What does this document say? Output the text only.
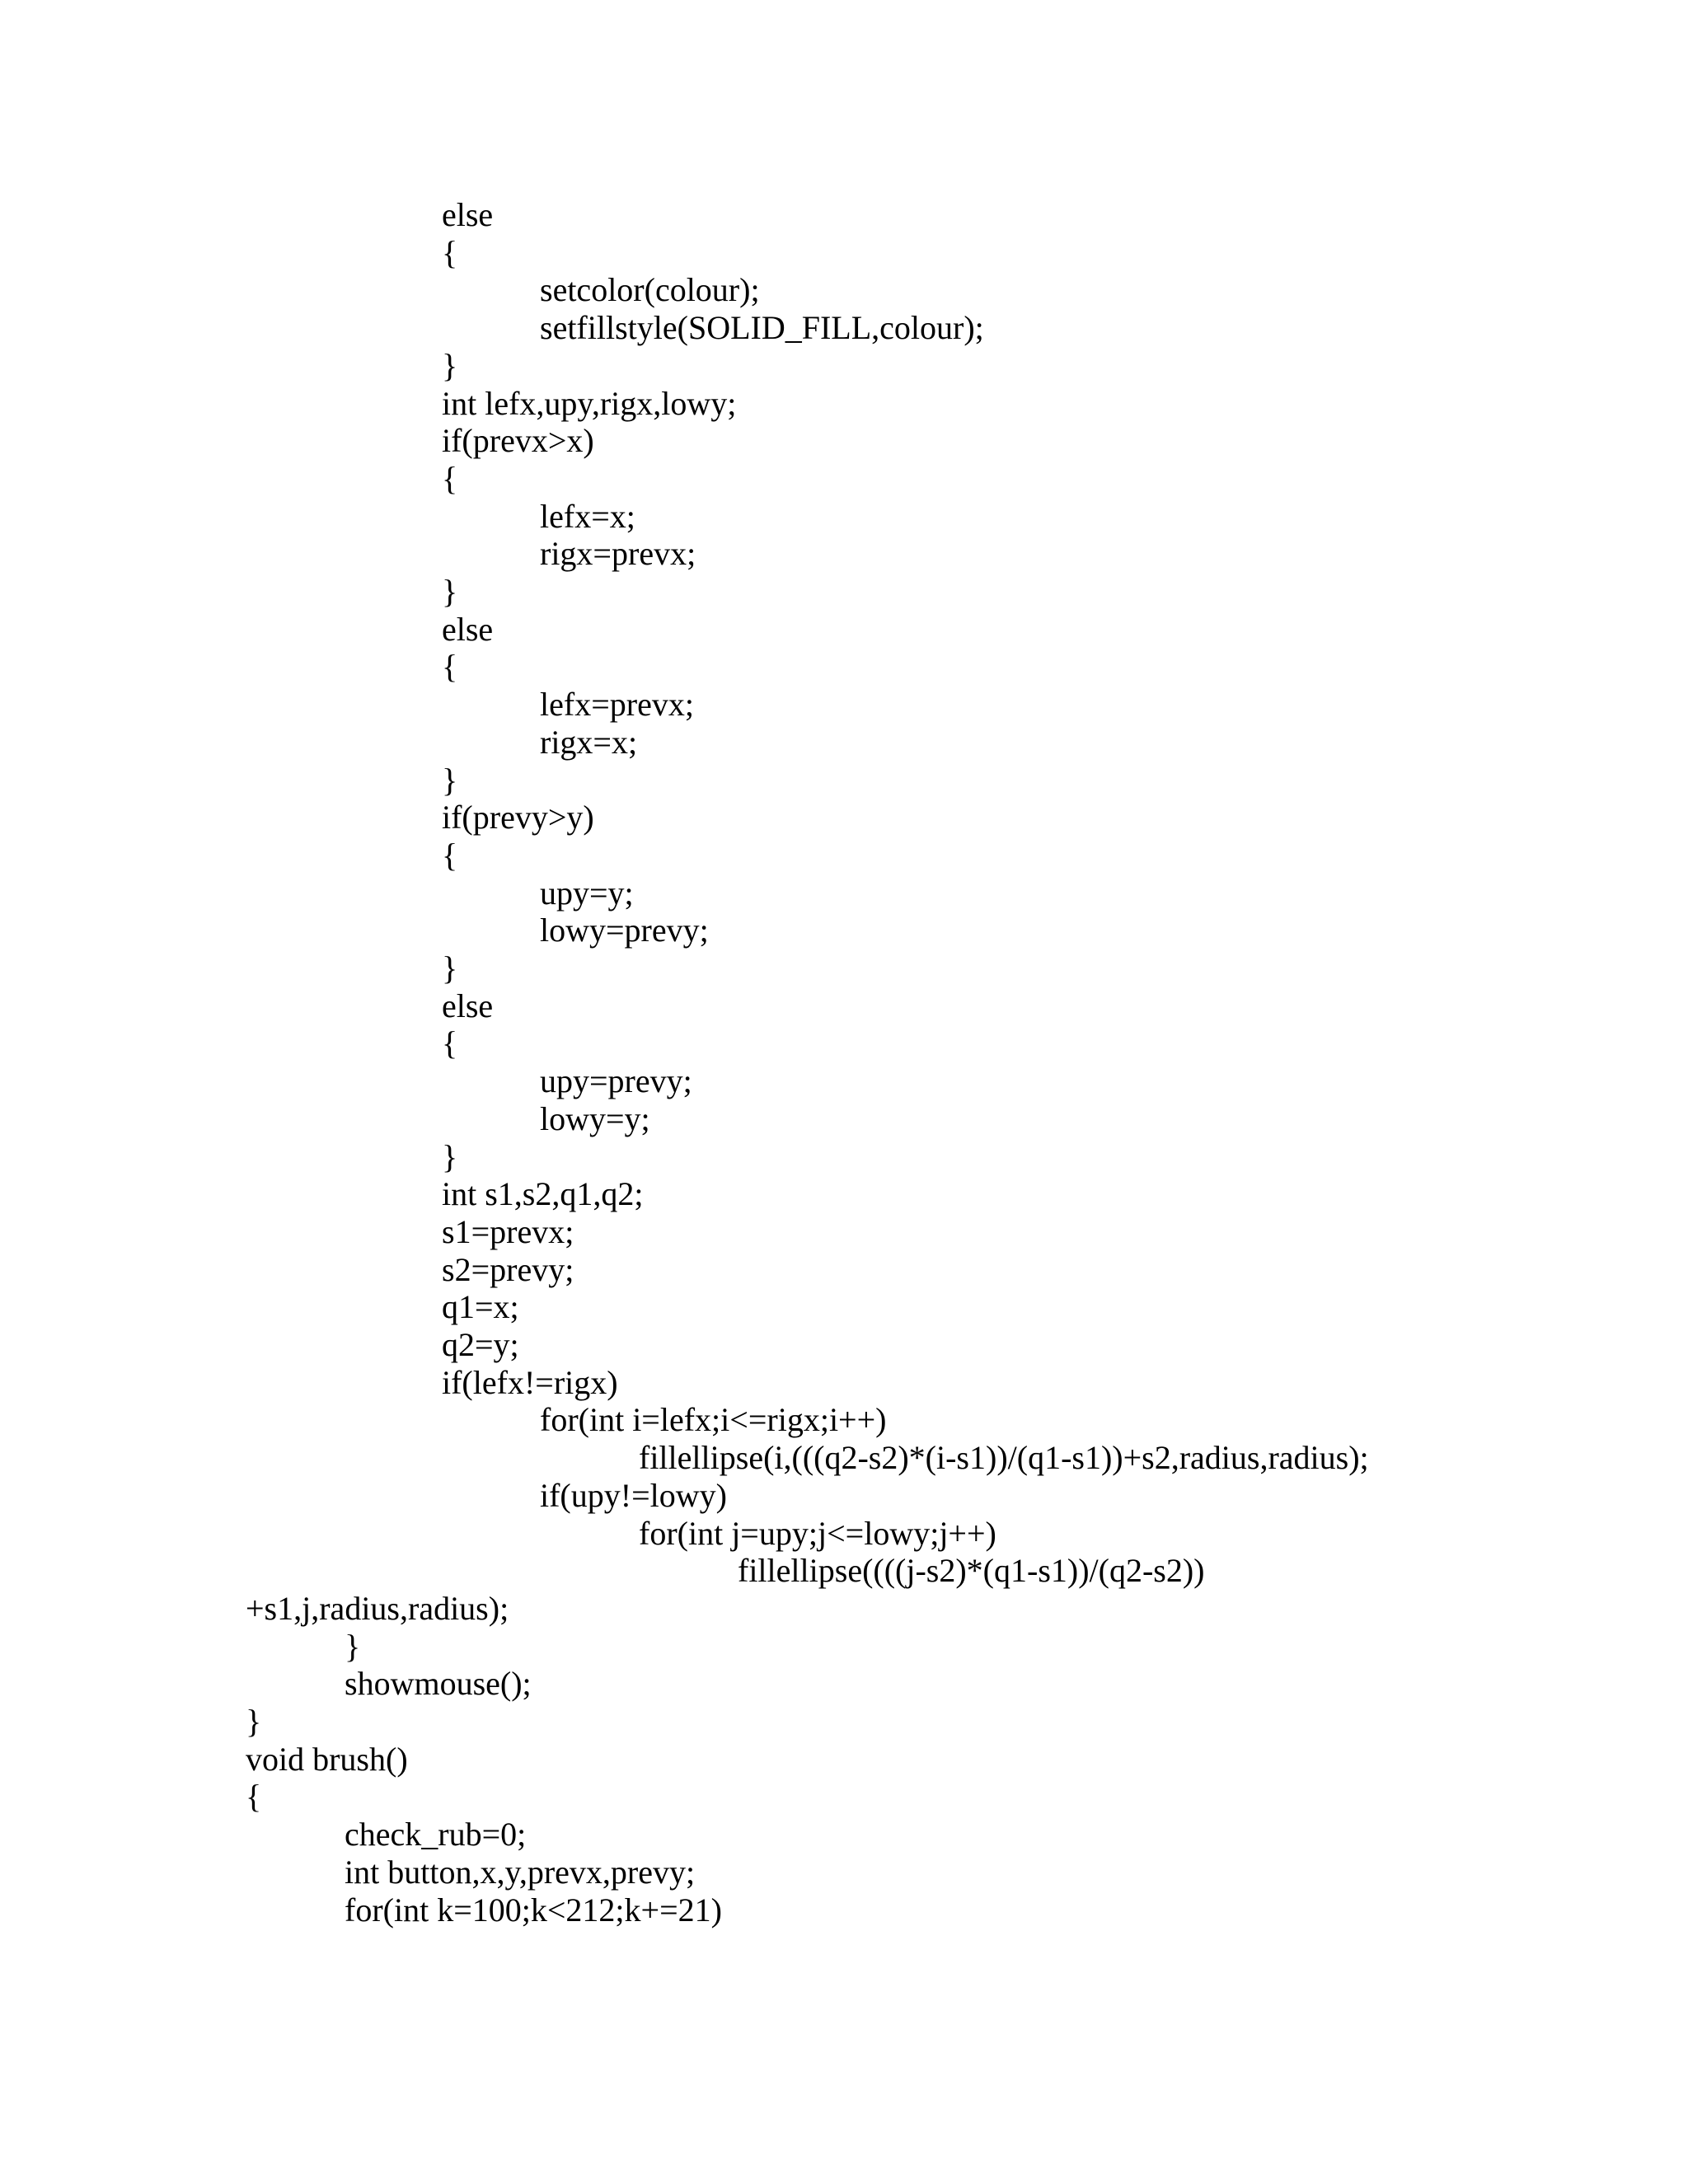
else
{
setcolor(colour);
setfillstyle(SOLID_FILL,colour);
}
int lefx,upy,rigx,lowy;
if(prevx>x)
{
lefx=x;
rigx=prevx;
}
else
{
lefx=prevx;
rigx=x;
}
if(prevy>y)
{
upy=y;
lowy=prevy;
}
else
{
upy=prevy;
lowy=y;
}
int s1,s2,q1,q2;
s1=prevx;
s2=prevy;
q1=x;
q2=y;
if(lefx!=rigx)
for(int i=lefx;i<=rigx;i++)
fillellipse(i,(((q2-s2)*(i-s1))/(q1-s1))+s2,radius,radius);
if(upy!=lowy)
for(int j=upy;j<=lowy;j++)
fillellipse((((j-s2)*(q1-s1))/(q2-s2))
+s1,j,radius,radius);
}
showmouse();
}
void brush()
{
check_rub=0;
int button,x,y,prevx,prevy;
for(int k=100;k<212;k+=21)
